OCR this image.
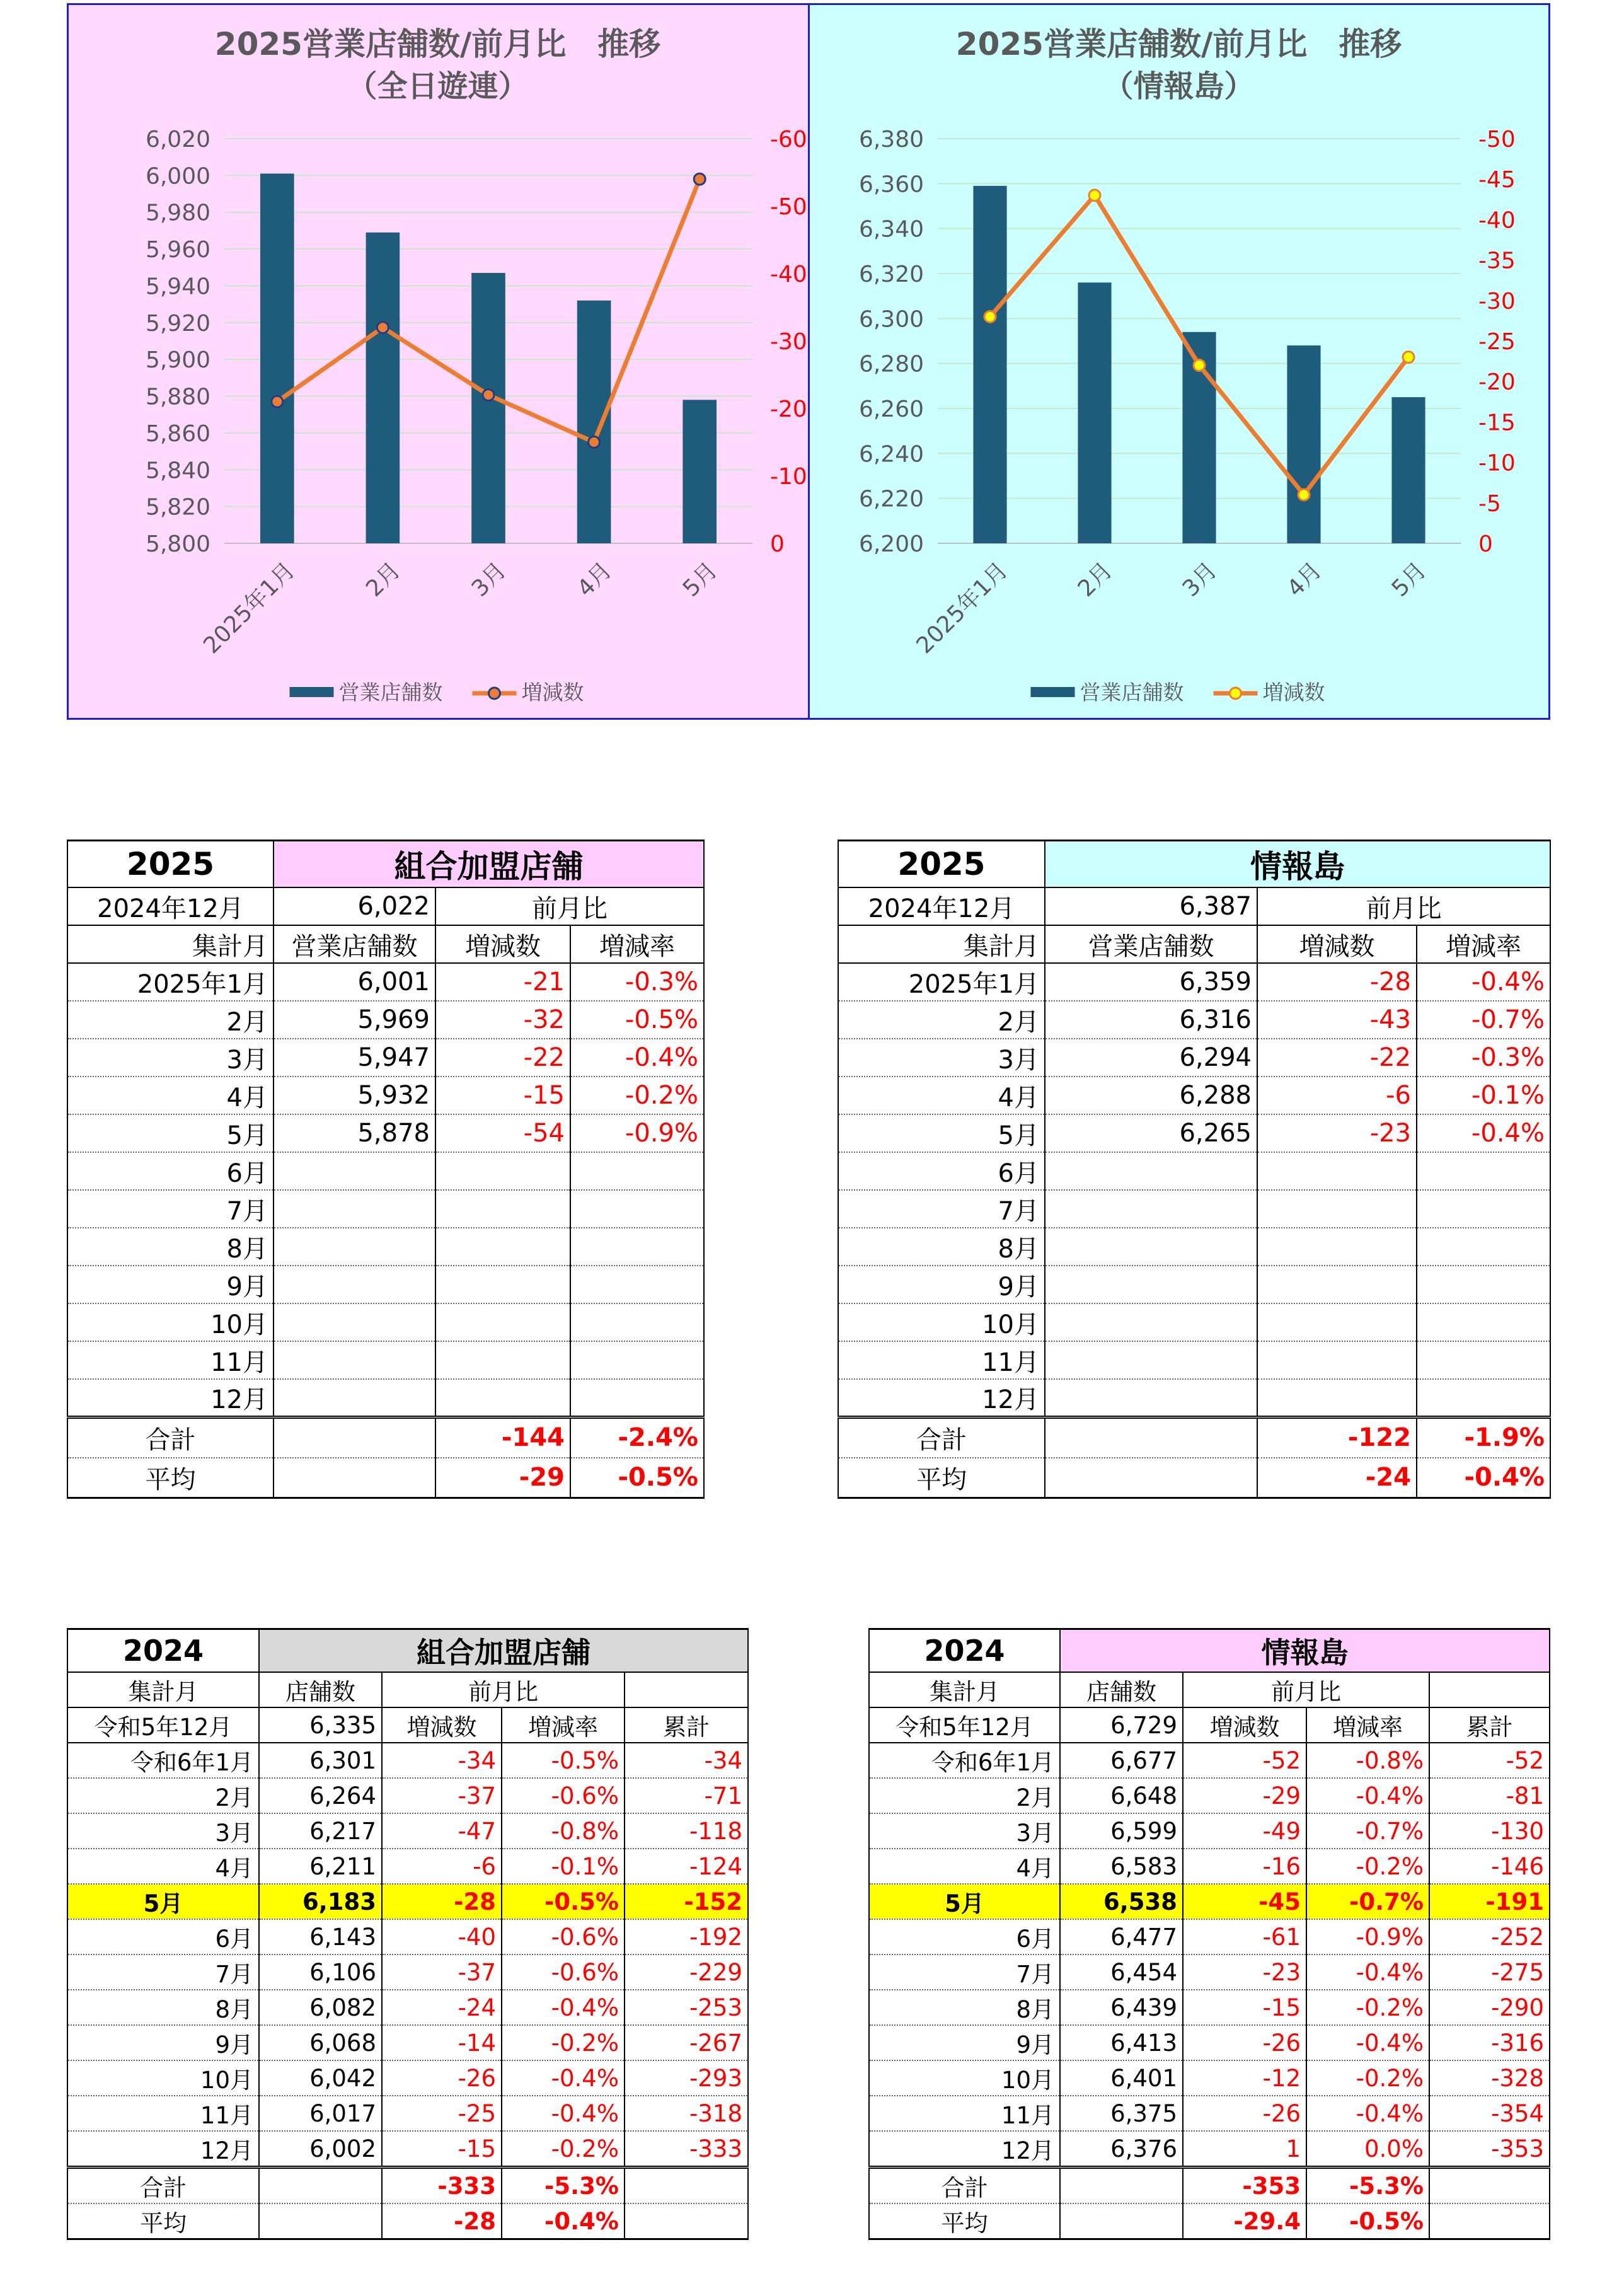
2025営業店舗数/前月比　推移
（全日遊連）
6,020
6,000
5,980
5,960
5,940
5,920
5,900
5,880
5,860
5,840
5,820
5,800
-60
-50
-40
-30
-20
-10
0
2025年1月	2月	3月	4月	5月
営業店舗数	増減数
2025営業店舗数/前月比　推移
（情報島）
6,380
6,360
6,340
6,320
6,300
6,280
6,260
6,240
6,220
6,200
-50
-45
-40
-35
-30
-25
-20
-15
-10
-5
0
2025年1月	2月	3月	4月	5月
営業店舗数	増減数
2025	組合加盟店舗		
2024年12月	6,022	前月比	
集計月	営業店舗数	増減数	増減率
2025年1月	6,001	-21	-0.3%
2月	5,969	-32	-0.5%
3月	5,947	-22	-0.4%
4月	5,932	-15	-0.2%
5月	5,878	-54	-0.9%
6月			
7月			
8月			
9月			
10月			
11月			
12月			
合計		-144	-2.4%
平均		-29	-0.5%
2025	情報島		
2024年12月	6,387	前月比	
集計月	営業店舗数	増減数	増減率
2025年1月	6,359	-28	-0.4%
2月	6,316	-43	-0.7%
3月	6,294	-22	-0.3%
4月	6,288	-6	-0.1%
5月	6,265	-23	-0.4%
6月			
7月			
8月			
9月			
10月			
11月			
12月			
合計		-122	-1.9%
平均		-24	-0.4%
2024	組合加盟店舗			
集計月	店舗数	前月比		
令和5年12月	6,335	増減数	増減率	累計
令和6年1月	6,301	-34	-0.5%	-34
2月	6,264	-37	-0.6%	-71
3月	6,217	-47	-0.8%	-118
4月	6,211	-6	-0.1%	-124
5月	6,183	-28	-0.5%	-152
6月	6,143	-40	-0.6%	-192
7月	6,106	-37	-0.6%	-229
8月	6,082	-24	-0.4%	-253
9月	6,068	-14	-0.2%	-267
10月	6,042	-26	-0.4%	-293
11月	6,017	-25	-0.4%	-318
12月	6,002	-15	-0.2%	-333
合計		-333	-5.3%	
平均		-28	-0.4%	
2024	情報島			
集計月	店舗数	前月比		
令和5年12月	6,729	増減数	増減率	累計
令和6年1月	6,677	-52	-0.8%	-52
2月	6,648	-29	-0.4%	-81
3月	6,599	-49	-0.7%	-130
4月	6,583	-16	-0.2%	-146
5月	6,538	-45	-0.7%	-191
6月	6,477	-61	-0.9%	-252
7月	6,454	-23	-0.4%	-275
8月	6,439	-15	-0.2%	-290
9月	6,413	-26	-0.4%	-316
10月	6,401	-12	-0.2%	-328
11月	6,375	-26	-0.4%	-354
12月	6,376	1	0.0%	-353
合計		-353	-5.3%	
平均		-29.4	-0.5%	
